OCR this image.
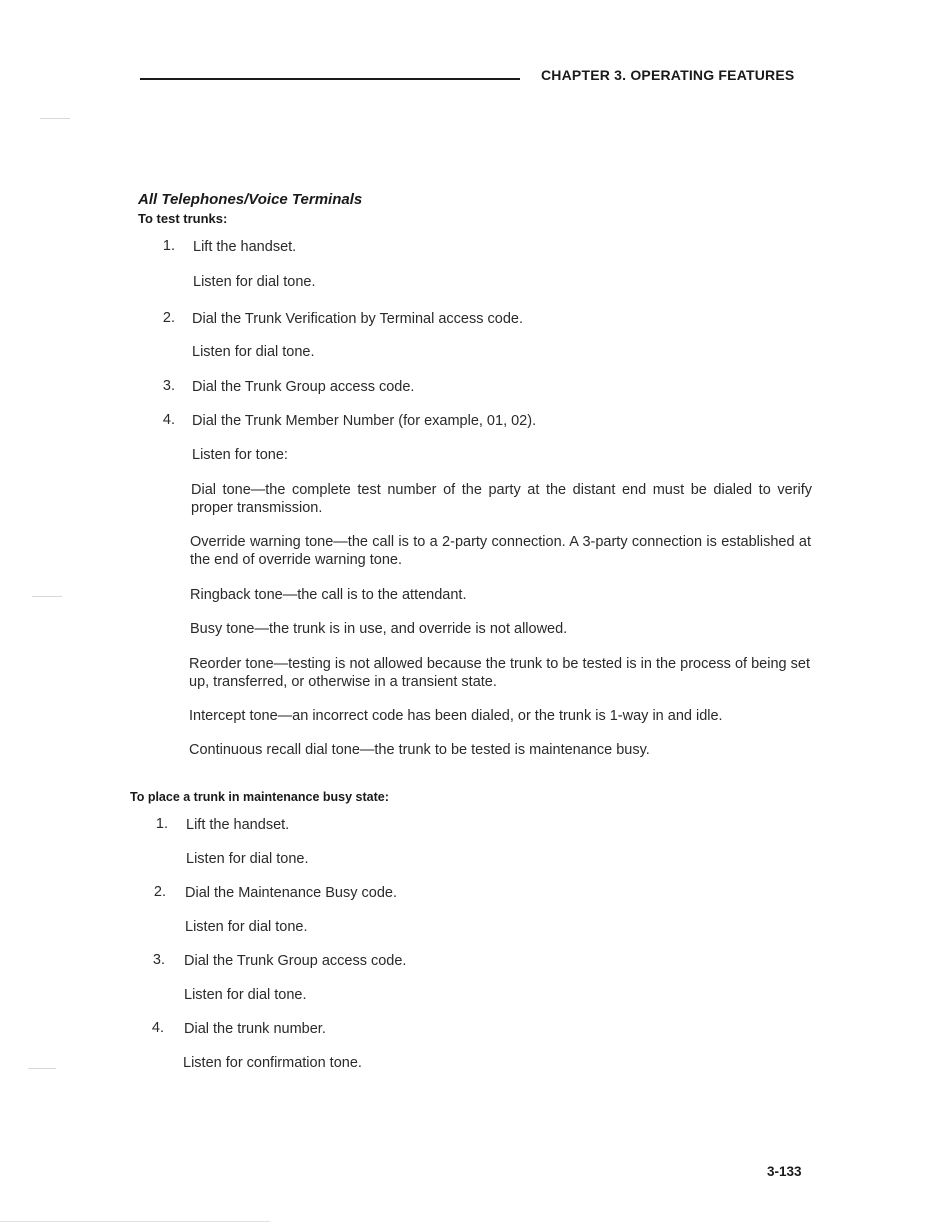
CHAPTER 3. OPERATING FEATURES
All Telephones/Voice Terminals
To test trunks:
1. Lift the handset.
Listen for dial tone.
2. Dial the Trunk Verification by Terminal access code.
Listen for dial tone.
3. Dial the Trunk Group access code.
4. Dial the Trunk Member Number (for example, 01, 02).
Listen for tone:
Dial tone—the complete test number of the party at the distant end must be dialed to verify proper transmission.
Override warning tone—the call is to a 2-party connection. A 3-party connection is established at the end of override warning tone.
Ringback tone—the call is to the attendant.
Busy tone—the trunk is in use, and override is not allowed.
Reorder tone—testing is not allowed because the trunk to be tested is in the process of being set up, transferred, or otherwise in a transient state.
Intercept tone—an incorrect code has been dialed, or the trunk is 1-way in and idle.
Continuous recall dial tone—the trunk to be tested is maintenance busy.
To place a trunk in maintenance busy state:
1. Lift the handset.
Listen for dial tone.
2. Dial the Maintenance Busy code.
Listen for dial tone.
3. Dial the Trunk Group access code.
Listen for dial tone.
4. Dial the trunk number.
Listen for confirmation tone.
3-133
